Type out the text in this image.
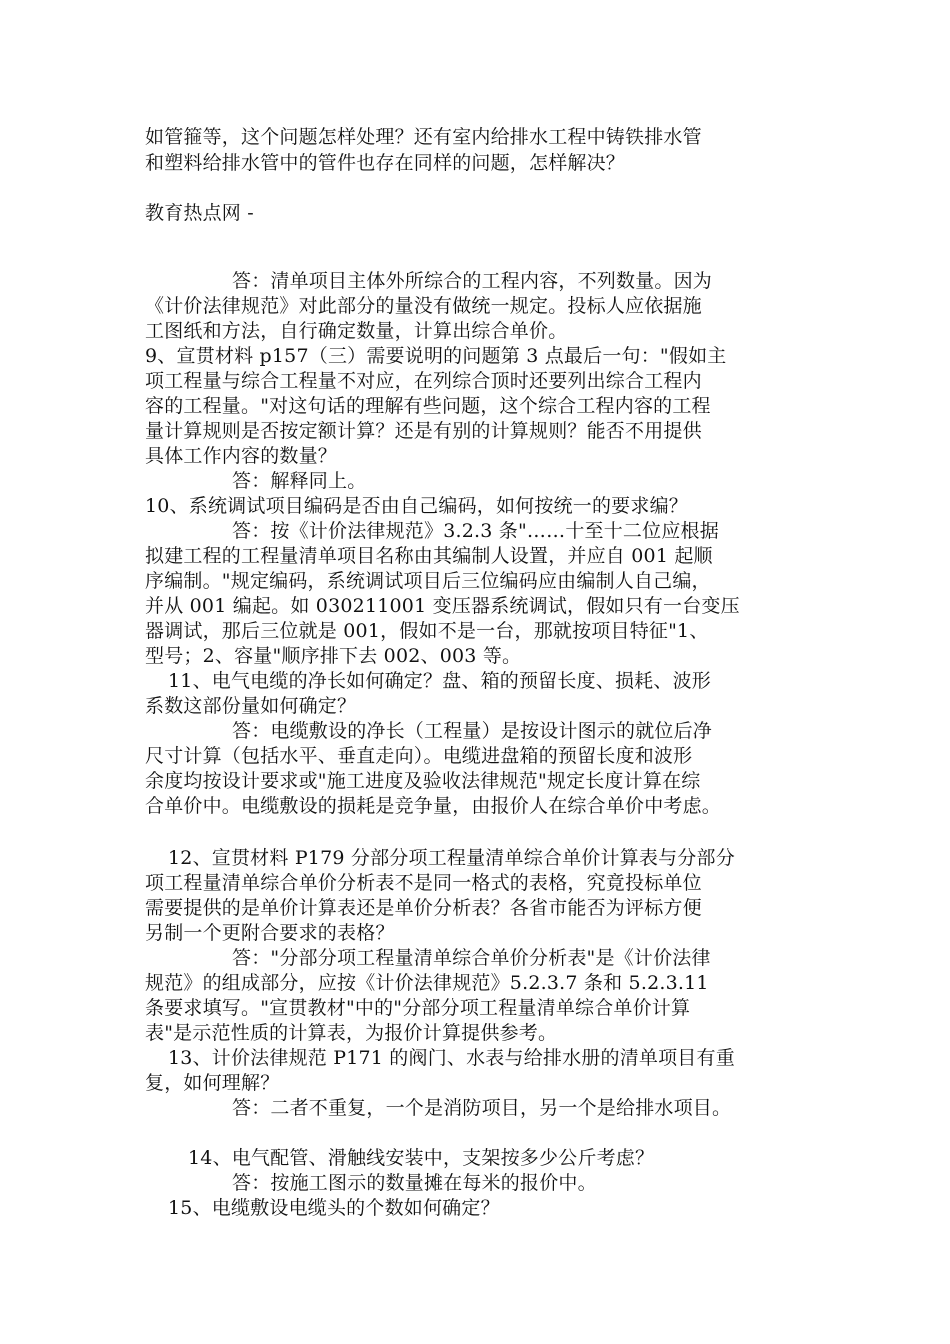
如管箍等，这个问题怎样处理？还有室内给排水工程中铸铁排水管
和塑料给排水管中的管件也存在同样的问题，怎样解决？
教育热点网 -
答：清单项目主体外所综合的工程内容，不列数量。因为
《计价法律规范》对此部分的量没有做统一规定。投标人应依据施
工图纸和方法，自行确定数量，计算出综合单价。
9、宣贯材料 p157（三）需要说明的问题第 3 点最后一句："假如主
项工程量与综合工程量不对应，在列综合顶时还要列出综合工程内
容的工程量。"对这句话的理解有些问题，这个综合工程内容的工程
量计算规则是否按定额计算？还是有别的计算规则？能否不用提供
具体工作内容的数量？
答：解释同上。
10、系统调试项目编码是否由自己编码，如何按统一的要求编？
答：按《计价法律规范》3.2.3 条"……十至十二位应根据
拟建工程的工程量清单项目名称由其编制人设置，并应自 001 起顺
序编制。"规定编码，系统调试项目后三位编码应由编制人自己编，
并从 001 编起。如 030211001 变压器系统调试，假如只有一台变压
器调试，那后三位就是 001，假如不是一台，那就按项目特征"1、
型号；2、容量"顺序排下去 002、003 等。
11、电气电缆的净长如何确定？盘、箱的预留长度、损耗、波形
系数这部份量如何确定？
答：电缆敷设的净长（工程量）是按设计图示的就位后净
尺寸计算（包括水平、垂直走向）。电缆进盘箱的预留长度和波形
余度均按设计要求或"施工进度及验收法律规范"规定长度计算在综
合单价中。电缆敷设的损耗是竞争量，由报价人在综合单价中考虑。
12、宣贯材料 P179 分部分项工程量清单综合单价计算表与分部分
项工程量清单综合单价分析表不是同一格式的表格，究竟投标单位
需要提供的是单价计算表还是单价分析表？各省市能否为评标方便
另制一个更附合要求的表格？
答："分部分项工程量清单综合单价分析表"是《计价法律
规范》的组成部分，应按《计价法律规范》5.2.3.7 条和 5.2.3.11
条要求填写。"宣贯教材"中的"分部分项工程量清单综合单价计算
表"是示范性质的计算表，为报价计算提供参考。
13、计价法律规范 P171 的阀门、水表与给排水册的清单项目有重
复，如何理解？
答：二者不重复，一个是消防项目，另一个是给排水项目。
14、电气配管、滑触线安装中，支架按多少公斤考虑？
答：按施工图示的数量摊在每米的报价中。
15、电缆敷设电缆头的个数如何确定？
